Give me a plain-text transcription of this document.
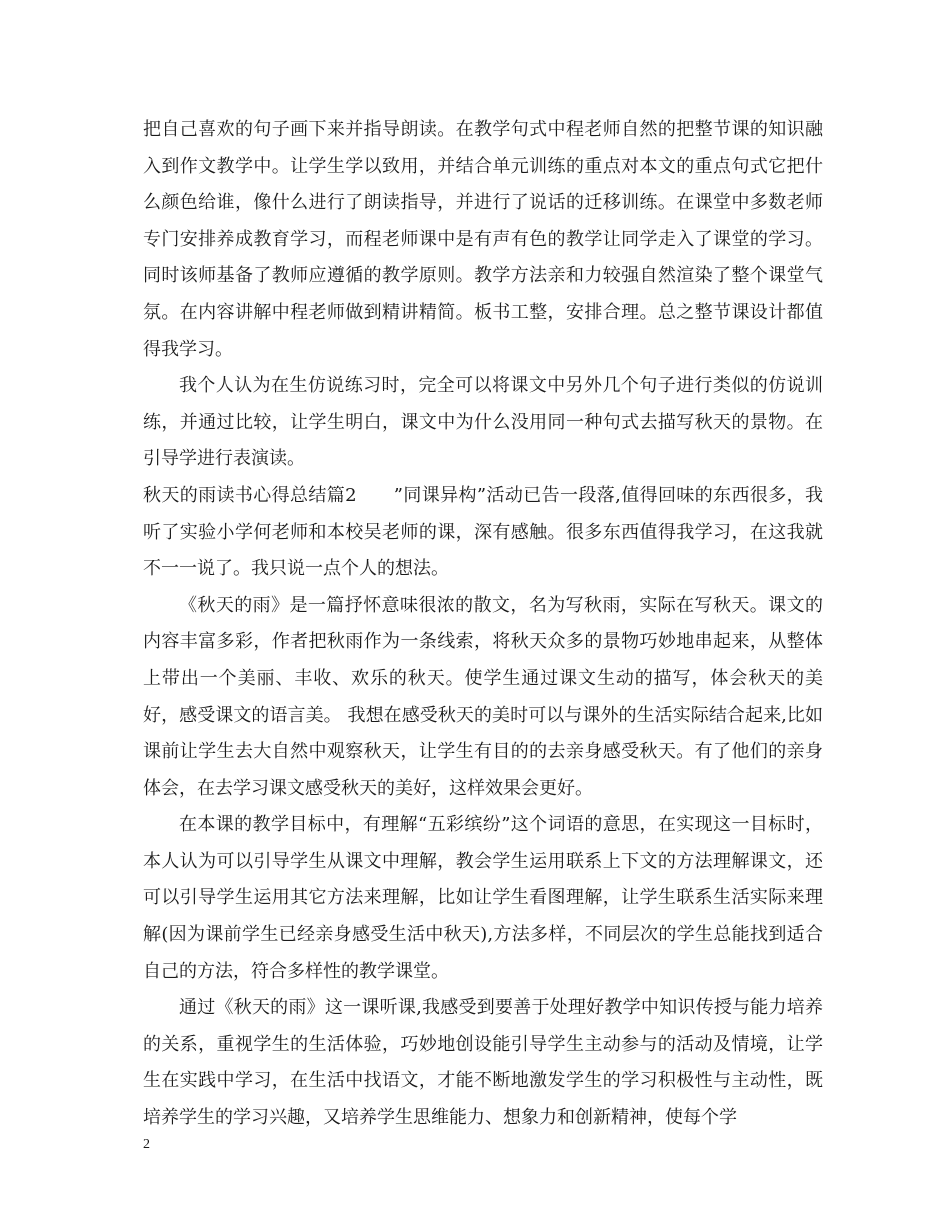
把自己喜欢的句子画下来并指导朗读。在教学句式中程老师自然的把整节课的知识融入到作文教学中。让学生学以致用，并结合单元训练的重点对本文的重点句式它把什么颜色给谁，像什么进行了朗读指导，并进行了说话的迁移训练。在课堂中多数老师专门安排养成教育学习，而程老师课中是有声有色的教学让同学走入了课堂的学习。同时该师基备了教师应遵循的教学原则。教学方法亲和力较强自然渲染了整个课堂气氛。在内容讲解中程老师做到精讲精简。板书工整，安排合理。总之整节课设计都值得我学习。

我个人认为在生仿说练习时，完全可以将课文中另外几个句子进行类似的仿说训练，并通过比较，让学生明白，课文中为什么没用同一种句式去描写秋天的景物。在引导学进行表演读。

秋天的雨读书心得总结篇2　　”同课异构”活动已告一段落,值得回味的东西很多，我听了实验小学何老师和本校吴老师的课，深有感触。很多东西值得我学习，在这我就不一一说了。我只说一点个人的想法。

《秋天的雨》是一篇抒怀意味很浓的散文，名为写秋雨，实际在写秋天。课文的内容丰富多彩，作者把秋雨作为一条线索，将秋天众多的景物巧妙地串起来，从整体上带出一个美丽、丰收、欢乐的秋天。使学生通过课文生动的描写，体会秋天的美好，感受课文的语言美。 我想在感受秋天的美时可以与课外的生活实际结合起来,比如课前让学生去大自然中观察秋天，让学生有目的的去亲身感受秋天。有了他们的亲身体会，在去学习课文感受秋天的美好，这样效果会更好。

在本课的教学目标中，有理解“五彩缤纷”这个词语的意思，在实现这一目标时，本人认为可以引导学生从课文中理解，教会学生运用联系上下文的方法理解课文，还可以引导学生运用其它方法来理解，比如让学生看图理解，让学生联系生活实际来理解(因为课前学生已经亲身感受生活中秋天),方法多样，不同层次的学生总能找到适合自己的方法，符合多样性的教学课堂。

通过《秋天的雨》这一课听课,我感受到要善于处理好教学中知识传授与能力培养的关系，重视学生的生活体验，巧妙地创设能引导学生主动参与的活动及情境，让学生在实践中学习，在生活中找语文，才能不断地激发学生的学习积极性与主动性，既培养学生的学习兴趣，又培养学生思维能力、想象力和创新精神，使每个学

2
